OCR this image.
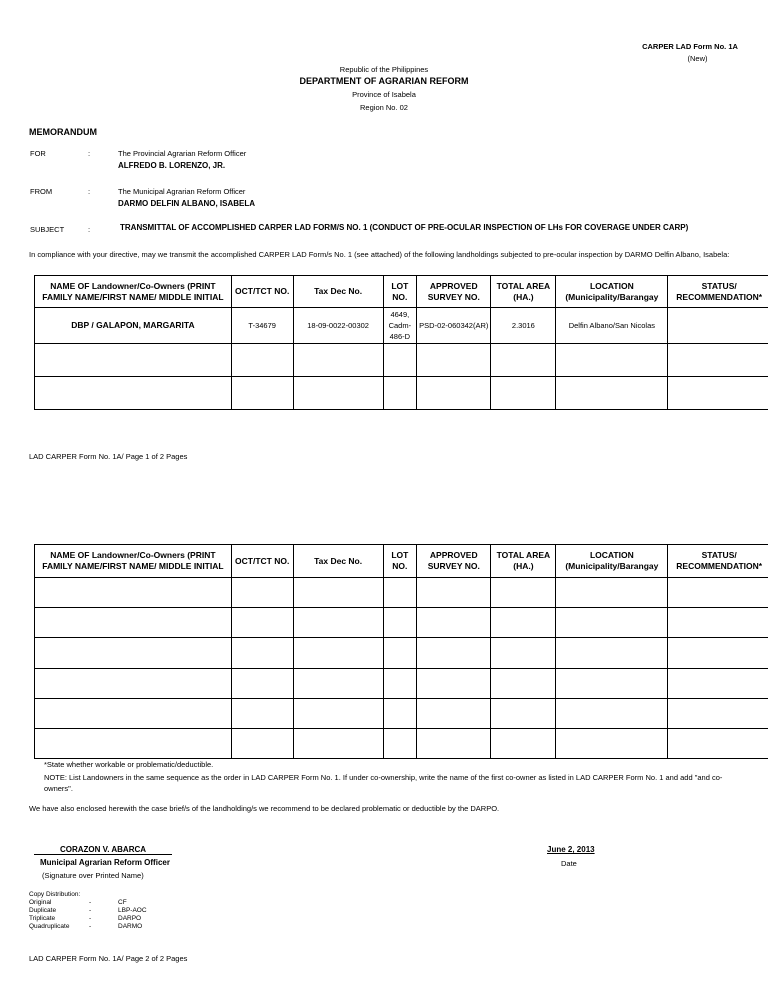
CARPER LAD Form No. 1A
(New)
Republic of the Philippines
DEPARTMENT OF AGRARIAN REFORM
Province of Isabela
Region No. 02
MEMORANDUM
FOR	:	The Provincial Agrarian Reform Officer
ALFREDO B. LORENZO, JR.
FROM	:	The Municipal Agrarian Reform Officer
DARMO DELFIN ALBANO, ISABELA
SUBJECT	:	TRANSMITTAL OF ACCOMPLISHED CARPER LAD FORM/S NO. 1 (CONDUCT OF PRE-OCULAR INSPECTION OF LHs FOR COVERAGE UNDER CARP)
In compliance with your directive, may we transmit the accomplished CARPER LAD Form/s No. 1 (see attached) of the following landholdings subjected to pre-ocular inspection by DARMO Delfin Albano, Isabela:
NAME OF Landowner/Co-Owners (PRINT FAMILY NAME/FIRST NAME/ MIDDLE INITIAL	OCT/TCT NO.	Tax Dec No.	LOT NO.	APPROVED SURVEY NO.	TOTAL AREA (HA.)	LOCATION (Municipality/Barangay	STATUS/ RECOMMENDATION*
DBP / GALAPON, MARGARITA	T-34679	18-09-0022-00302	4649, Cadm-486-D	PSD-02-060342(AR)	2.3016	Delfin Albano/San Nicolas	

LAD CARPER Form No. 1A/ Page 1 of 2 Pages
NAME OF Landowner/Co-Owners (PRINT FAMILY NAME/FIRST NAME/ MIDDLE INITIAL	OCT/TCT NO.	Tax Dec No.	LOT NO.	APPROVED SURVEY NO.	TOTAL AREA (HA.)	LOCATION (Municipality/Barangay	STATUS/ RECOMMENDATION*

*State whether workable or problematic/deductible.
NOTE: List Landowners in the same sequence as the order in LAD CARPER Form No. 1. If under co-ownership, write the name of the first co-owner as listed in LAD CARPER Form No. 1 and add "and co-owners".
We have also enclosed herewith the case brief/s of the landholding/s we recommend to be declared problematic or deductible by the DARPO.
CORAZON V. ABARCA
Municipal Agrarian Reform Officer
(Signature over Printed Name)
June 2, 2013
Date
Copy Distribution:
Original	-	CF
Duplicate	-	LBP-AOC
Triplicate	-	DARPO
Quadruplicate	-	DARMO
LAD CARPER Form No. 1A/ Page 2 of 2 Pages
